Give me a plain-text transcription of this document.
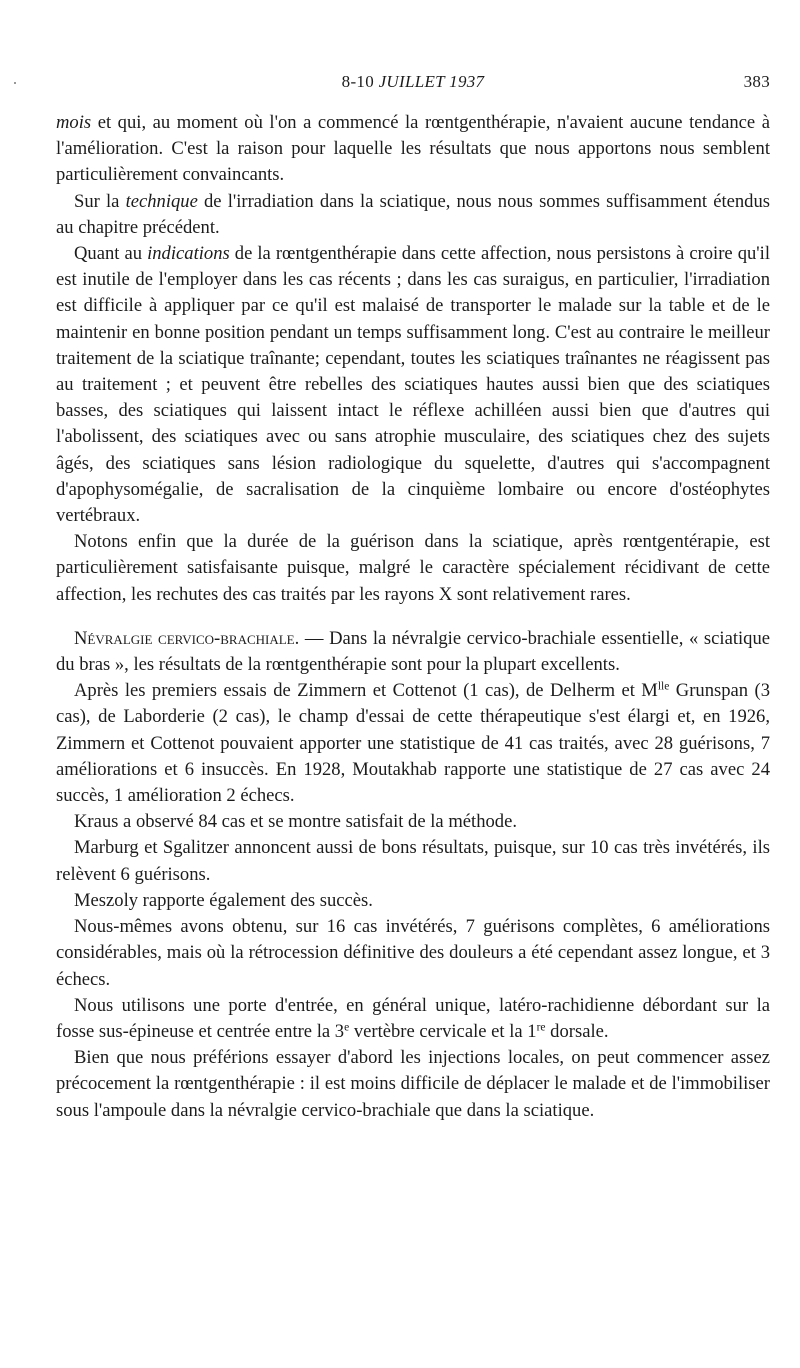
8-10 JUILLET 1937	383

mois et qui, au moment où l'on a commencé la rœntgenthérapie, n'avaient aucune tendance à l'amélioration. C'est la raison pour laquelle les résultats que nous apportons nous semblent particulièrement convaincants.

Sur la technique de l'irradiation dans la sciatique, nous nous sommes suffisamment étendus au chapitre précédent.

Quant au indications de la rœntgenthérapie dans cette affection, nous persistons à croire qu'il est inutile de l'employer dans les cas récents ; dans les cas suraigus, en particulier, l'irradiation est difficile à appliquer par ce qu'il est malaisé de transporter le malade sur la table et de le maintenir en bonne position pendant un temps suffisamment long. C'est au contraire le meilleur traitement de la sciatique traînante; cependant, toutes les sciatiques traînantes ne réagissent pas au traitement ; et peuvent être rebelles des sciatiques hautes aussi bien que des sciatiques basses, des sciatiques qui laissent intact le réflexe achilléen aussi bien que d'autres qui l'abolissent, des sciatiques avec ou sans atrophie musculaire, des sciatiques chez des sujets âgés, des sciatiques sans lésion radiologique du squelette, d'autres qui s'accompagnent d'apophysomégalie, de sacralisation de la cinquième lombaire ou encore d'ostéophytes vertébraux.

Notons enfin que la durée de la guérison dans la sciatique, après rœntgentérapie, est particulièrement satisfaisante puisque, malgré le caractère spécialement récidivant de cette affection, les rechutes des cas traités par les rayons X sont relativement rares.

Névralgie cervico-brachiale. — Dans la névralgie cervico-brachiale essentielle, « sciatique du bras », les résultats de la rœntgenthérapie sont pour la plupart excellents.

Après les premiers essais de Zimmern et Cottenot (1 cas), de Delherm et $M^{lle}$ Grunspan (3 cas), de Laborderie (2 cas), le champ d'essai de cette thérapeutique s'est élargi et, en 1926, Zimmern et Cottenot pouvaient apporter une statistique de 41 cas traités, avec 28 guérisons, 7 améliorations et 6 insuccès. En 1928, Moutakhab rapporte une statistique de 27 cas avec 24 succès, 1 amélioration 2 échecs.

Kraus a observé 84 cas et se montre satisfait de la méthode.

Marburg et Sgalitzer annoncent aussi de bons résultats, puisque, sur 10 cas très invétérés, ils relèvent 6 guérisons.

Meszoly rapporte également des succès.

Nous-mêmes avons obtenu, sur 16 cas invétérés, 7 guérisons complètes, 6 améliorations considérables, mais où la rétrocession définitive des douleurs a été cependant assez longue, et 3 échecs.

Nous utilisons une porte d'entrée, en général unique, latéro-rachidienne débordant sur la fosse sus-épineuse et centrée entre la 3e vertèbre cervicale et la 1re dorsale.

Bien que nous préférions essayer d'abord les injections locales, on peut commencer assez précocement la rœntgenthérapie : il est moins difficile de déplacer le malade et de l'immobiliser sous l'ampoule dans la névralgie cervico-brachiale que dans la sciatique.
